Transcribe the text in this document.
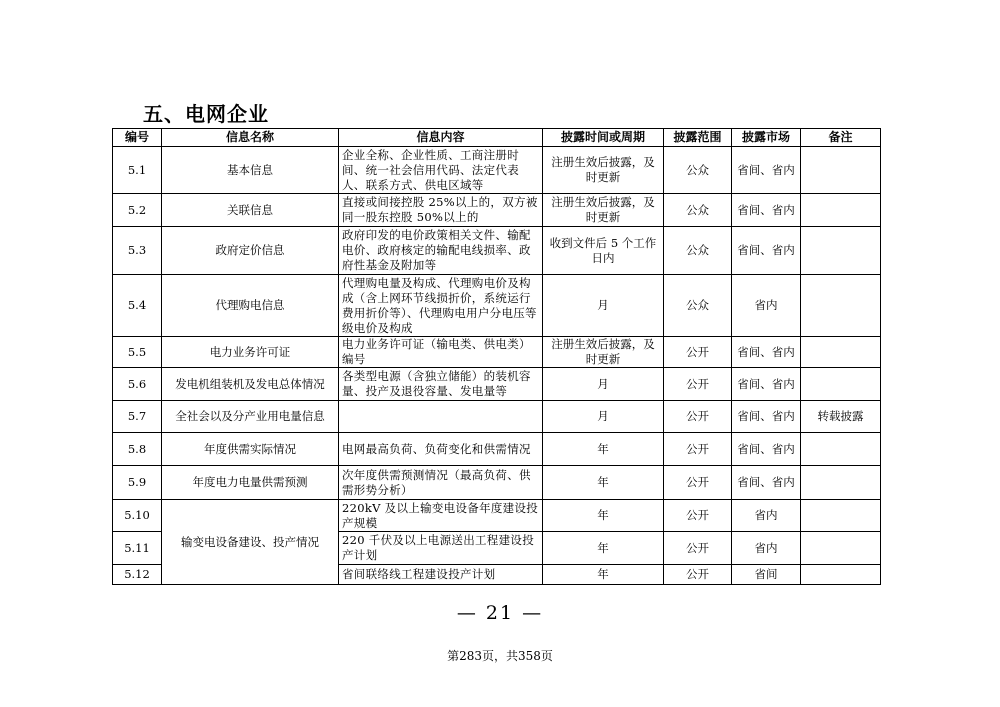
五、电网企业
编号	信息名称	信息内容	披露时间或周期	披露范围	披露市场	备注
5.1	基本信息	企业全称、企业性质、工商注册时间、统一社会信用代码、法定代表人、联系方式、供电区域等	注册生效后披露，及时更新	公众	省间、省内	
5.2	关联信息	直接或间接控股 25%以上的，双方被同一股东控股 50%以上的	注册生效后披露，及时更新	公众	省间、省内	
5.3	政府定价信息	政府印发的电价政策相关文件、输配电价、政府核定的输配电线损率、政府性基金及附加等	收到文件后 5 个工作日内	公众	省间、省内	
5.4	代理购电信息	代理购电量及构成、代理购电价及构成（含上网环节线损折价，系统运行费用折价等）、代理购电用户分电压等级电价及构成	月	公众	省内	
5.5	电力业务许可证	电力业务许可证（输电类、供电类）编号	注册生效后披露，及时更新	公开	省间、省内	
5.6	发电机组装机及发电总体情况	各类型电源（含独立储能）的装机容量、投产及退役容量、发电量等	月	公开	省间、省内	
5.7	全社会以及分产业用电量信息		月	公开	省间、省内	转载披露
5.8	年度供需实际情况	电网最高负荷、负荷变化和供需情况	年	公开	省间、省内	
5.9	年度电力电量供需预测	次年度供需预测情况（最高负荷、供需形势分析）	年	公开	省间、省内	
5.10	输变电设备建设、投产情况	220kV 及以上输变电设备年度建设投产规模	年	公开	省内	
5.11		220 千伏及以上电源送出工程建设投产计划	年	公开	省内	
5.12		省间联络线工程建设投产计划	年	公开	省间	
— 21 —
第283页，共358页
